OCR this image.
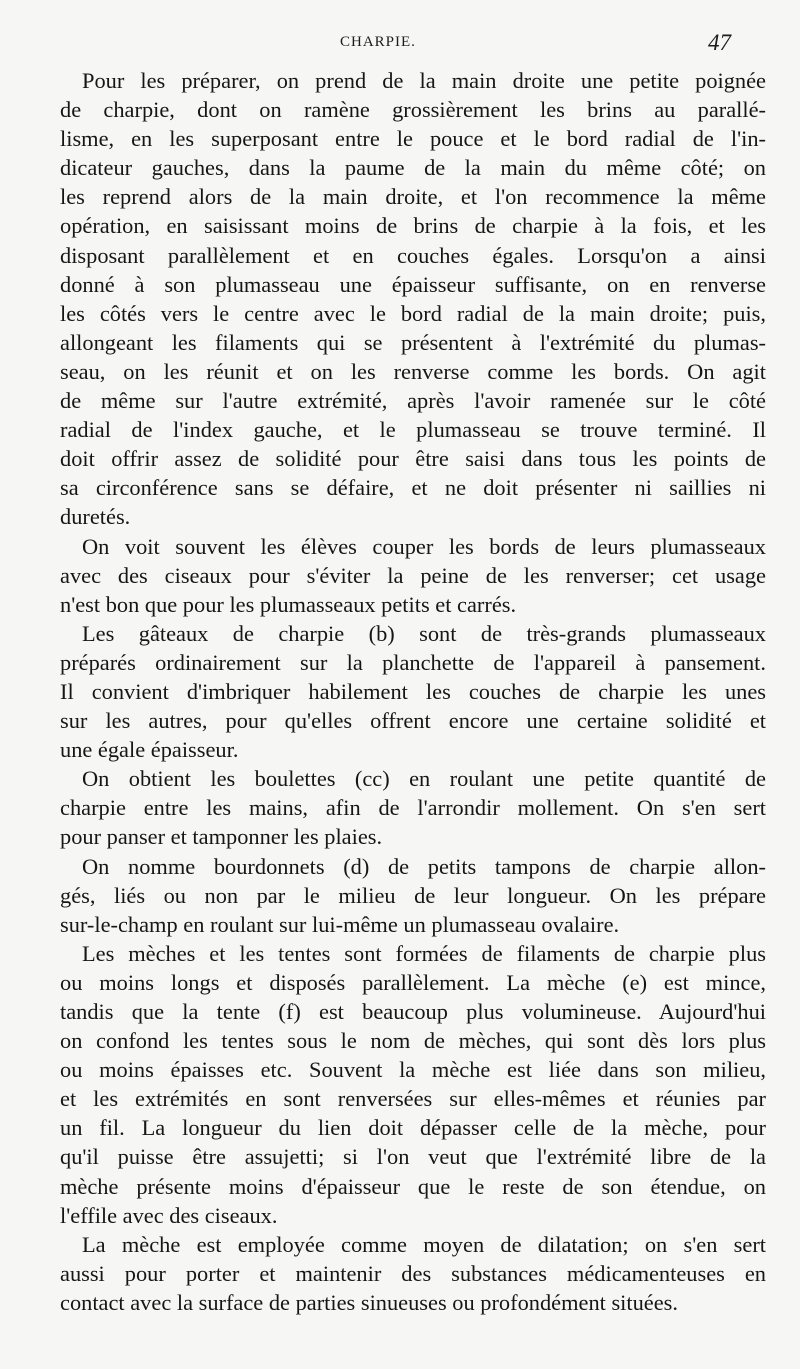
CHARPIE.	47
Pour les préparer, on prend de la main droite une petite poignée
de charpie, dont on ramène grossièrement les brins au parallé-
lisme, en les superposant entre le pouce et le bord radial de l'in-
dicateur gauches, dans la paume de la main du même côté; on
les reprend alors de la main droite, et l'on recommence la même
opération, en saisissant moins de brins de charpie à la fois, et les
disposant parallèlement et en couches égales. Lorsqu'on a ainsi
donné à son plumasseau une épaisseur suffisante, on en renverse
les côtés vers le centre avec le bord radial de la main droite; puis,
allongeant les filaments qui se présentent à l'extrémité du plumas-
seau, on les réunit et on les renverse comme les bords. On agit
de même sur l'autre extrémité, après l'avoir ramenée sur le côté
radial de l'index gauche, et le plumasseau se trouve terminé. Il
doit offrir assez de solidité pour être saisi dans tous les points de
sa circonférence sans se défaire, et ne doit présenter ni saillies ni
duretés.
On voit souvent les élèves couper les bords de leurs plumasseaux
avec des ciseaux pour s'éviter la peine de les renverser; cet usage
n'est bon que pour les plumasseaux petits et carrés.
Les gâteaux de charpie (b) sont de très-grands plumasseaux
préparés ordinairement sur la planchette de l'appareil à pansement.
Il convient d'imbriquer habilement les couches de charpie les unes
sur les autres, pour qu'elles offrent encore une certaine solidité et
une égale épaisseur.
On obtient les boulettes (cc) en roulant une petite quantité de
charpie entre les mains, afin de l'arrondir mollement. On s'en sert
pour panser et tamponner les plaies.
On nomme bourdonnets (d) de petits tampons de charpie allon-
gés, liés ou non par le milieu de leur longueur. On les prépare
sur-le-champ en roulant sur lui-même un plumasseau ovalaire.
Les mèches et les tentes sont formées de filaments de charpie plus
ou moins longs et disposés parallèlement. La mèche (e) est mince,
tandis que la tente (f) est beaucoup plus volumineuse. Aujourd'hui
on confond les tentes sous le nom de mèches, qui sont dès lors plus
ou moins épaisses etc. Souvent la mèche est liée dans son milieu,
et les extrémités en sont renversées sur elles-mêmes et réunies par
un fil. La longueur du lien doit dépasser celle de la mèche, pour
qu'il puisse être assujetti; si l'on veut que l'extrémité libre de la
mèche présente moins d'épaisseur que le reste de son étendue, on
l'effile avec des ciseaux.
La mèche est employée comme moyen de dilatation; on s'en sert
aussi pour porter et maintenir des substances médicamenteuses en
contact avec la surface de parties sinueuses ou profondément situées.
